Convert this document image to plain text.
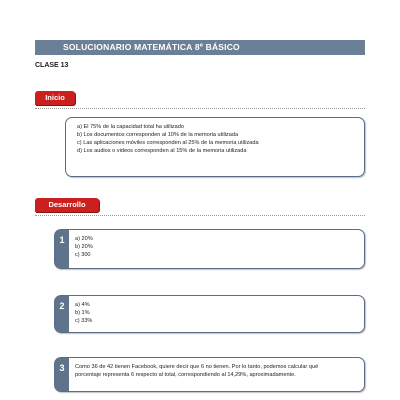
SOLUCIONARIO MATEMÁTICA 8º BÁSICO
CLASE 13
Inicio
a) El 75% de la capacidad total ha utilizado
b) Los documentos corresponden al 10% de la memoria utilizada
c) Las aplicaciones móviles corresponden al 25% de la memoria utilizada
d) Los audios o videos corresponden al 15% de la memoria utilizada
Desarrollo
1	a) 20%
b) 20%
c) 300
2	a) 4%
b) 1%
c) 33%
3	Como 36 de 42 tienen Facebook, quiere decir que 6 no tienen. Por lo tanto, podemos calcular qué porcentaje representa 6 respecto al total, correspondiendo al 14,29%, aproximadamente.
